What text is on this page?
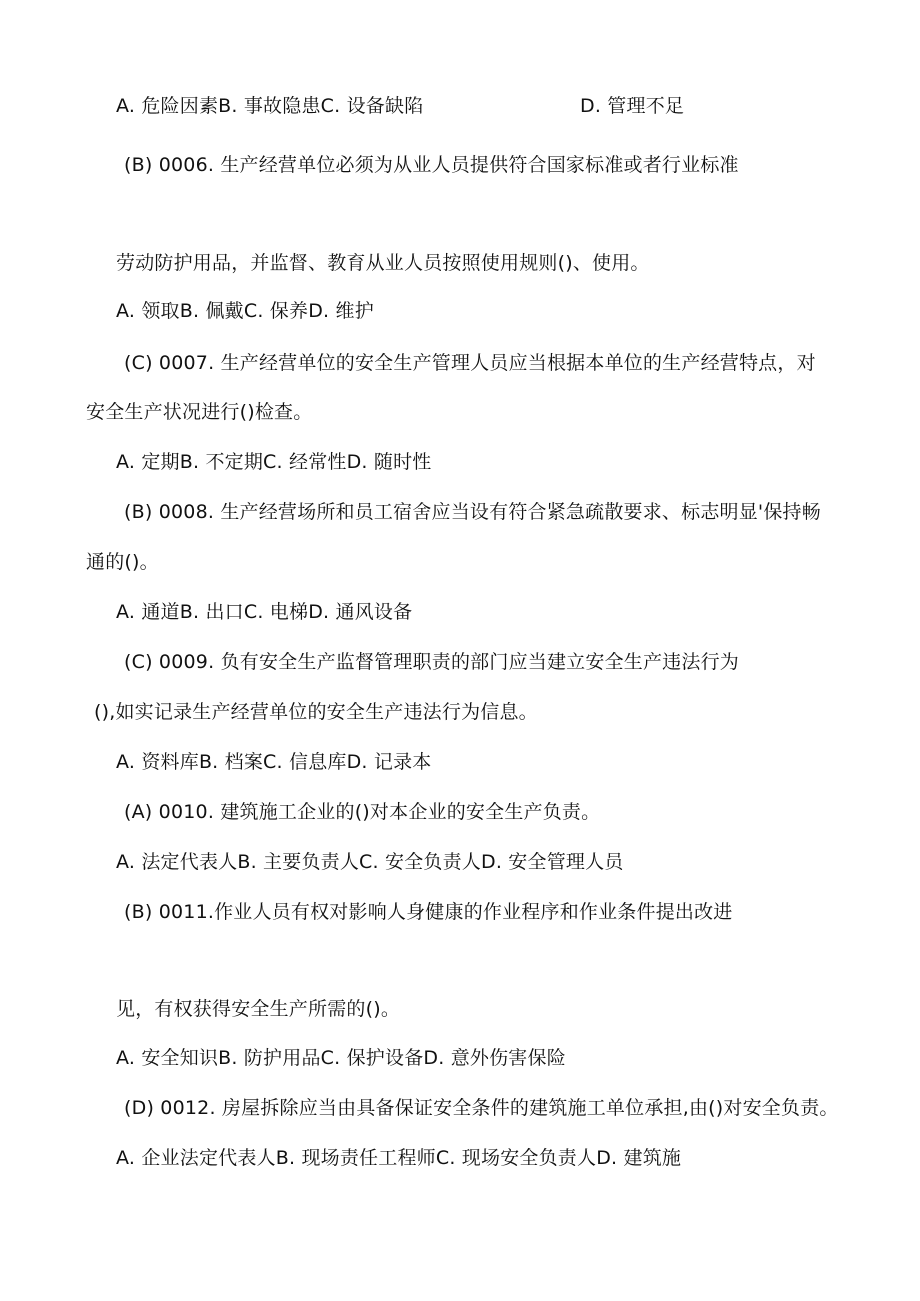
A. 危险因素B. 事故隐患C. 设备缺陷	D. 管理不足
(B) 0006. 生产经营单位必须为从业人员提供符合国家标准或者行业标准
劳动防护用品，并监督、教育从业人员按照使用规则()、使用。
A. 领取B. 佩戴C. 保养D. 维护
(C) 0007. 生产经营单位的安全生产管理人员应当根据本单位的生产经营特点，对
安全生产状况进行()检查。
A. 定期B. 不定期C. 经常性D. 随时性
(B) 0008. 生产经营场所和员工宿舍应当设有符合紧急疏散要求、标志明显'保持畅
通的()。
A. 通道B. 出口C. 电梯D. 通风设备
(C) 0009. 负有安全生产监督管理职责的部门应当建立安全生产违法行为
(),如实记录生产经营单位的安全生产违法行为信息。
A. 资料库B. 档案C. 信息库D. 记录本
(A) 0010. 建筑施工企业的()对本企业的安全生产负责。
A. 法定代表人B. 主要负责人C. 安全负责人D. 安全管理人员
(B) 0011.作业人员有权对影响人身健康的作业程序和作业条件提出改进
见，有权获得安全生产所需的()。
A. 安全知识B. 防护用品C. 保护设备D. 意外伤害保险
(D) 0012. 房屋拆除应当由具备保证安全条件的建筑施工单位承担,由()对安全负责。
A. 企业法定代表人B. 现场责任工程师C. 现场安全负责人D. 建筑施
